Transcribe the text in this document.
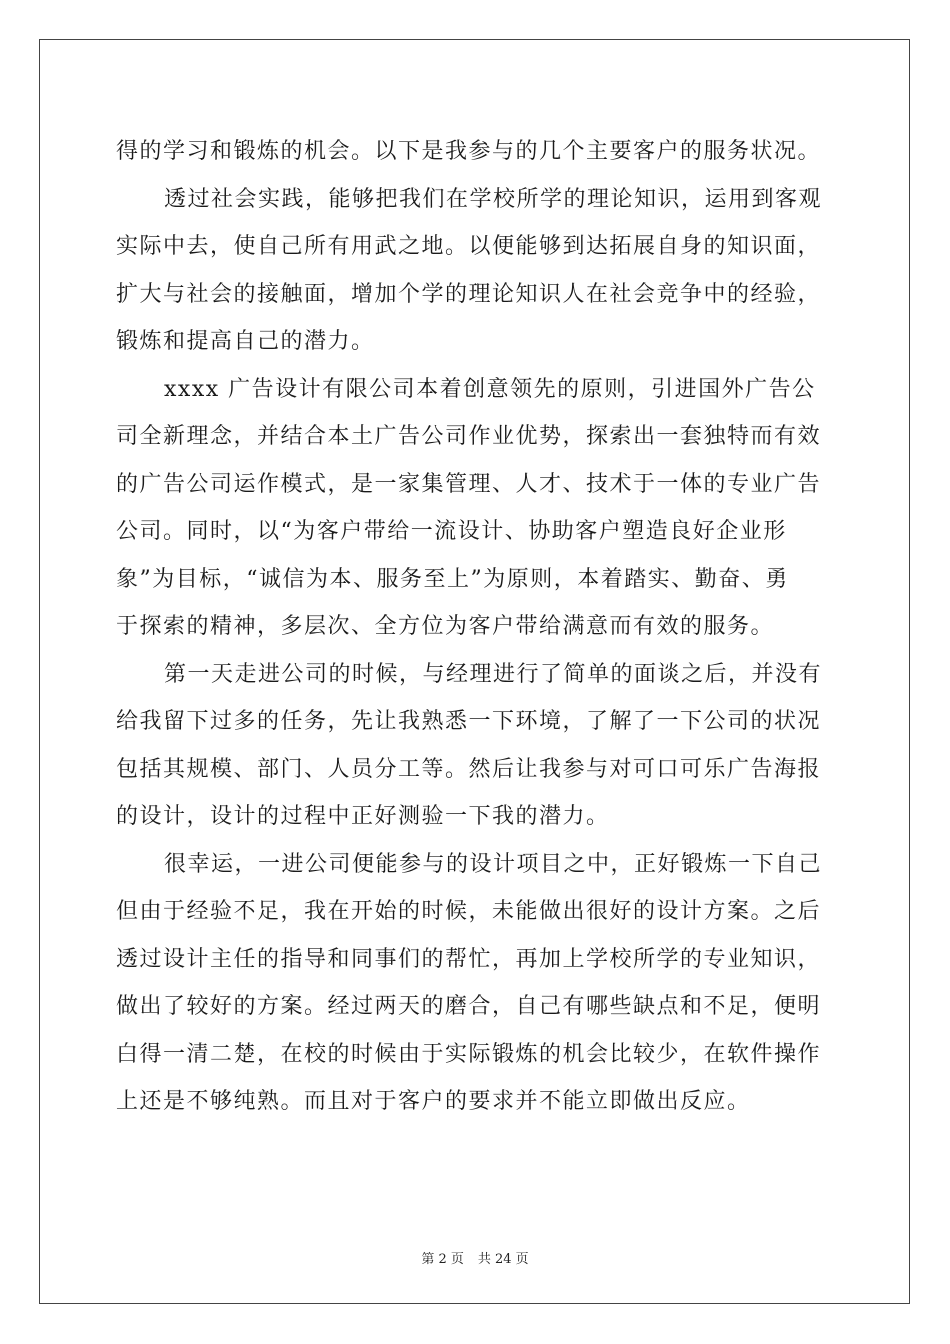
得的学习和锻炼的机会。以下是我参与的几个主要客户的服务状况。
透过社会实践，能够把我们在学校所学的理论知识，运用到客观
实际中去，使自己所有用武之地。以便能够到达拓展自身的知识面，
扩大与社会的接触面，增加个学的理论知识人在社会竞争中的经验，
锻炼和提高自己的潜力。
xxxx 广告设计有限公司本着创意领先的原则，引进国外广告公
司全新理念，并结合本土广告公司作业优势，探索出一套独特而有效
的广告公司运作模式，是一家集管理、人才、技术于一体的专业广告
公司。同时，以“为客户带给一流设计、协助客户塑造良好企业形
象”为目标，“诚信为本、服务至上”为原则，本着踏实、勤奋、勇
于探索的精神，多层次、全方位为客户带给满意而有效的服务。
第一天走进公司的时候，与经理进行了简单的面谈之后，并没有
给我留下过多的任务，先让我熟悉一下环境，了解了一下公司的状况
包括其规模、部门、人员分工等。然后让我参与对可口可乐广告海报
的设计，设计的过程中正好测验一下我的潜力。
很幸运，一进公司便能参与的设计项目之中，正好锻炼一下自己
但由于经验不足，我在开始的时候，未能做出很好的设计方案。之后
透过设计主任的指导和同事们的帮忙，再加上学校所学的专业知识，
做出了较好的方案。经过两天的磨合，自己有哪些缺点和不足，便明
白得一清二楚，在校的时候由于实际锻炼的机会比较少，在软件操作
上还是不够纯熟。而且对于客户的要求并不能立即做出反应。
第 2 页 共 24 页
